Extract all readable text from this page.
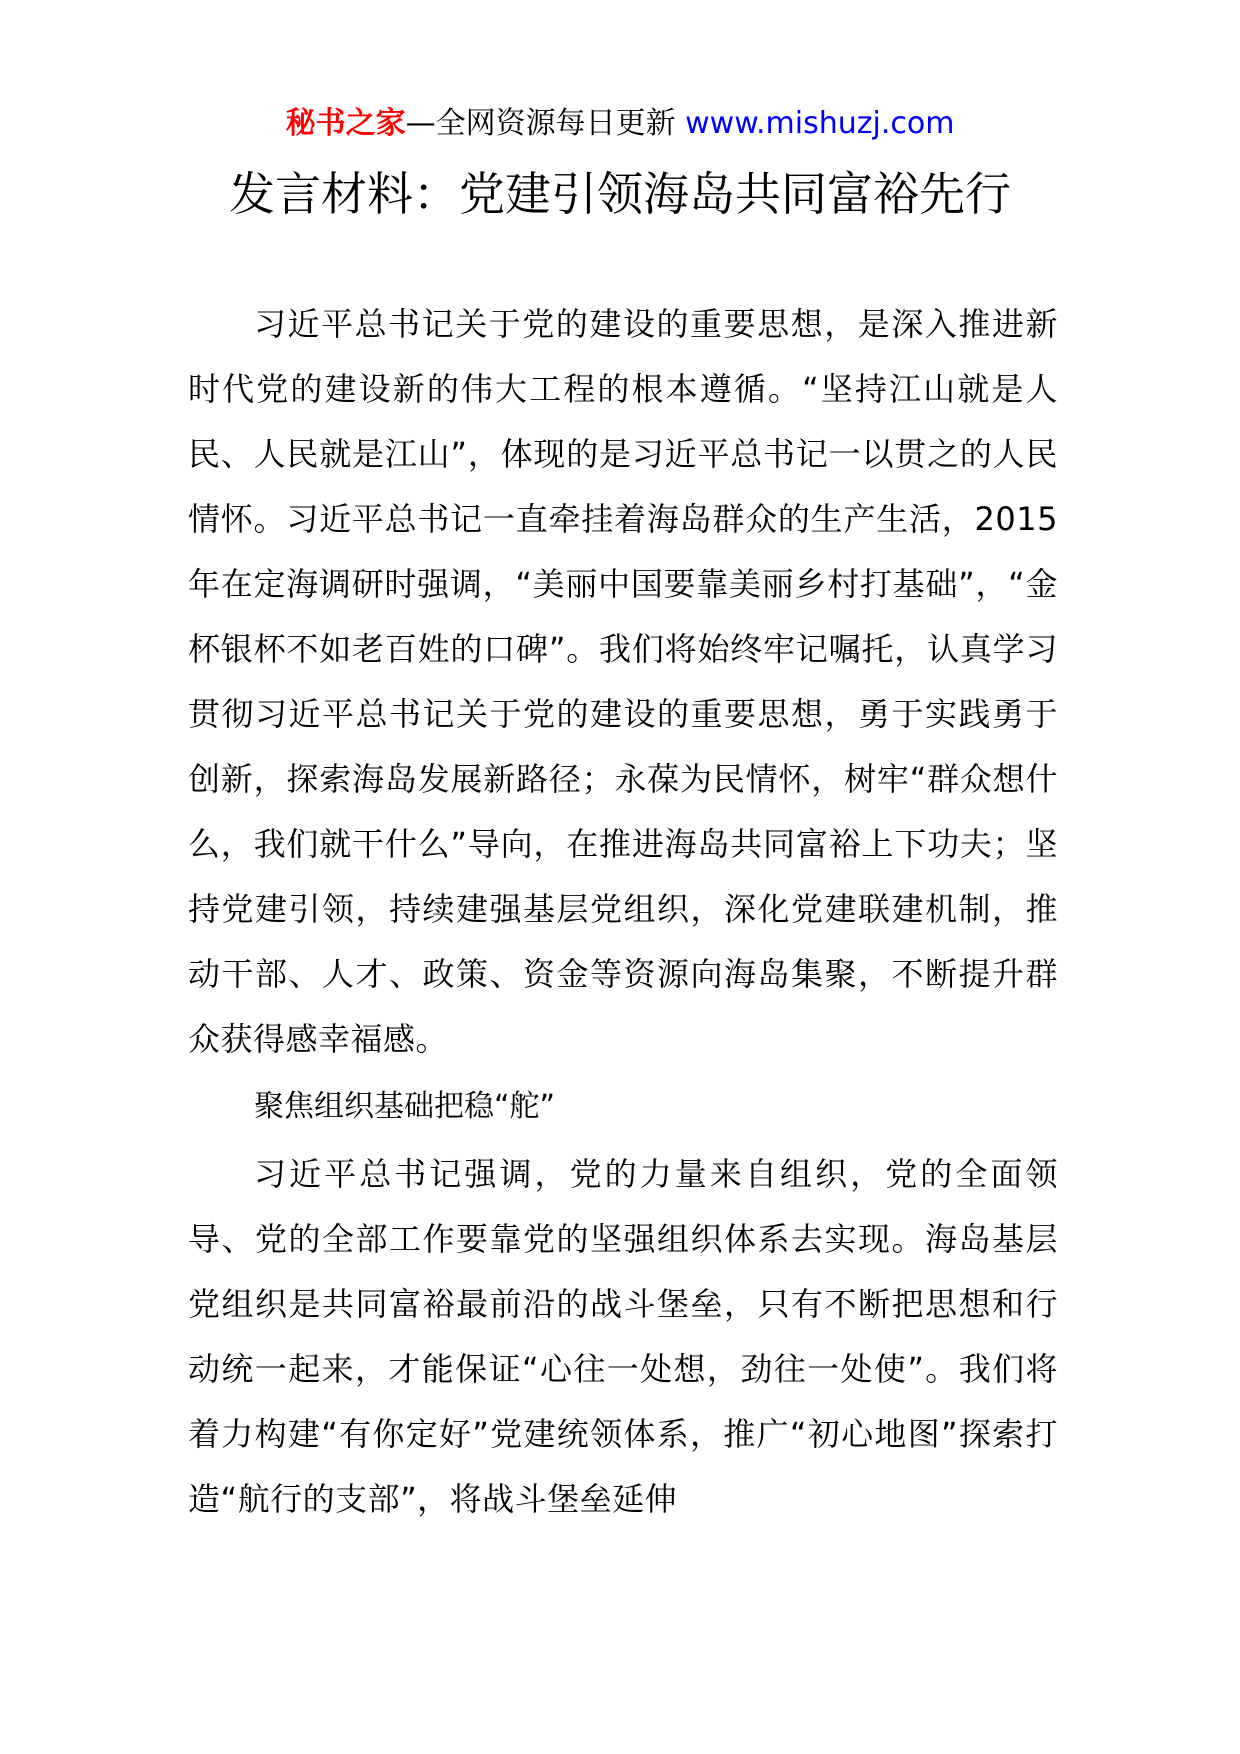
秘书之家—全网资源每日更新 www.mishuzj.com
发言材料：党建引领海岛共同富裕先行

习近平总书记关于党的建设的重要思想，是深入推进新时代党的建设新的伟大工程的根本遵循。“坚持江山就是人民、人民就是江山”，体现的是习近平总书记一以贯之的人民情怀。习近平总书记一直牵挂着海岛群众的生产生活，2015年在定海调研时强调，“美丽中国要靠美丽乡村打基础”，“金杯银杯不如老百姓的口碑”。我们将始终牢记嘱托，认真学习贯彻习近平总书记关于党的建设的重要思想，勇于实践勇于创新，探索海岛发展新路径；永葆为民情怀，树牢“群众想什么，我们就干什么”导向，在推进海岛共同富裕上下功夫；坚持党建引领，持续建强基层党组织，深化党建联建机制，推动干部、人才、政策、资金等资源向海岛集聚，不断提升群众获得感幸福感。

聚焦组织基础把稳“舵”

习近平总书记强调，党的力量来自组织，党的全面领导、党的全部工作要靠党的坚强组织体系去实现。海岛基层党组织是共同富裕最前沿的战斗堡垒，只有不断把思想和行动统一起来，才能保证“心往一处想，劲往一处使”。我们将着力构建“有你定好”党建统领体系，推广“初心地图”探索打造“航行的支部”，将战斗堡垒延伸
